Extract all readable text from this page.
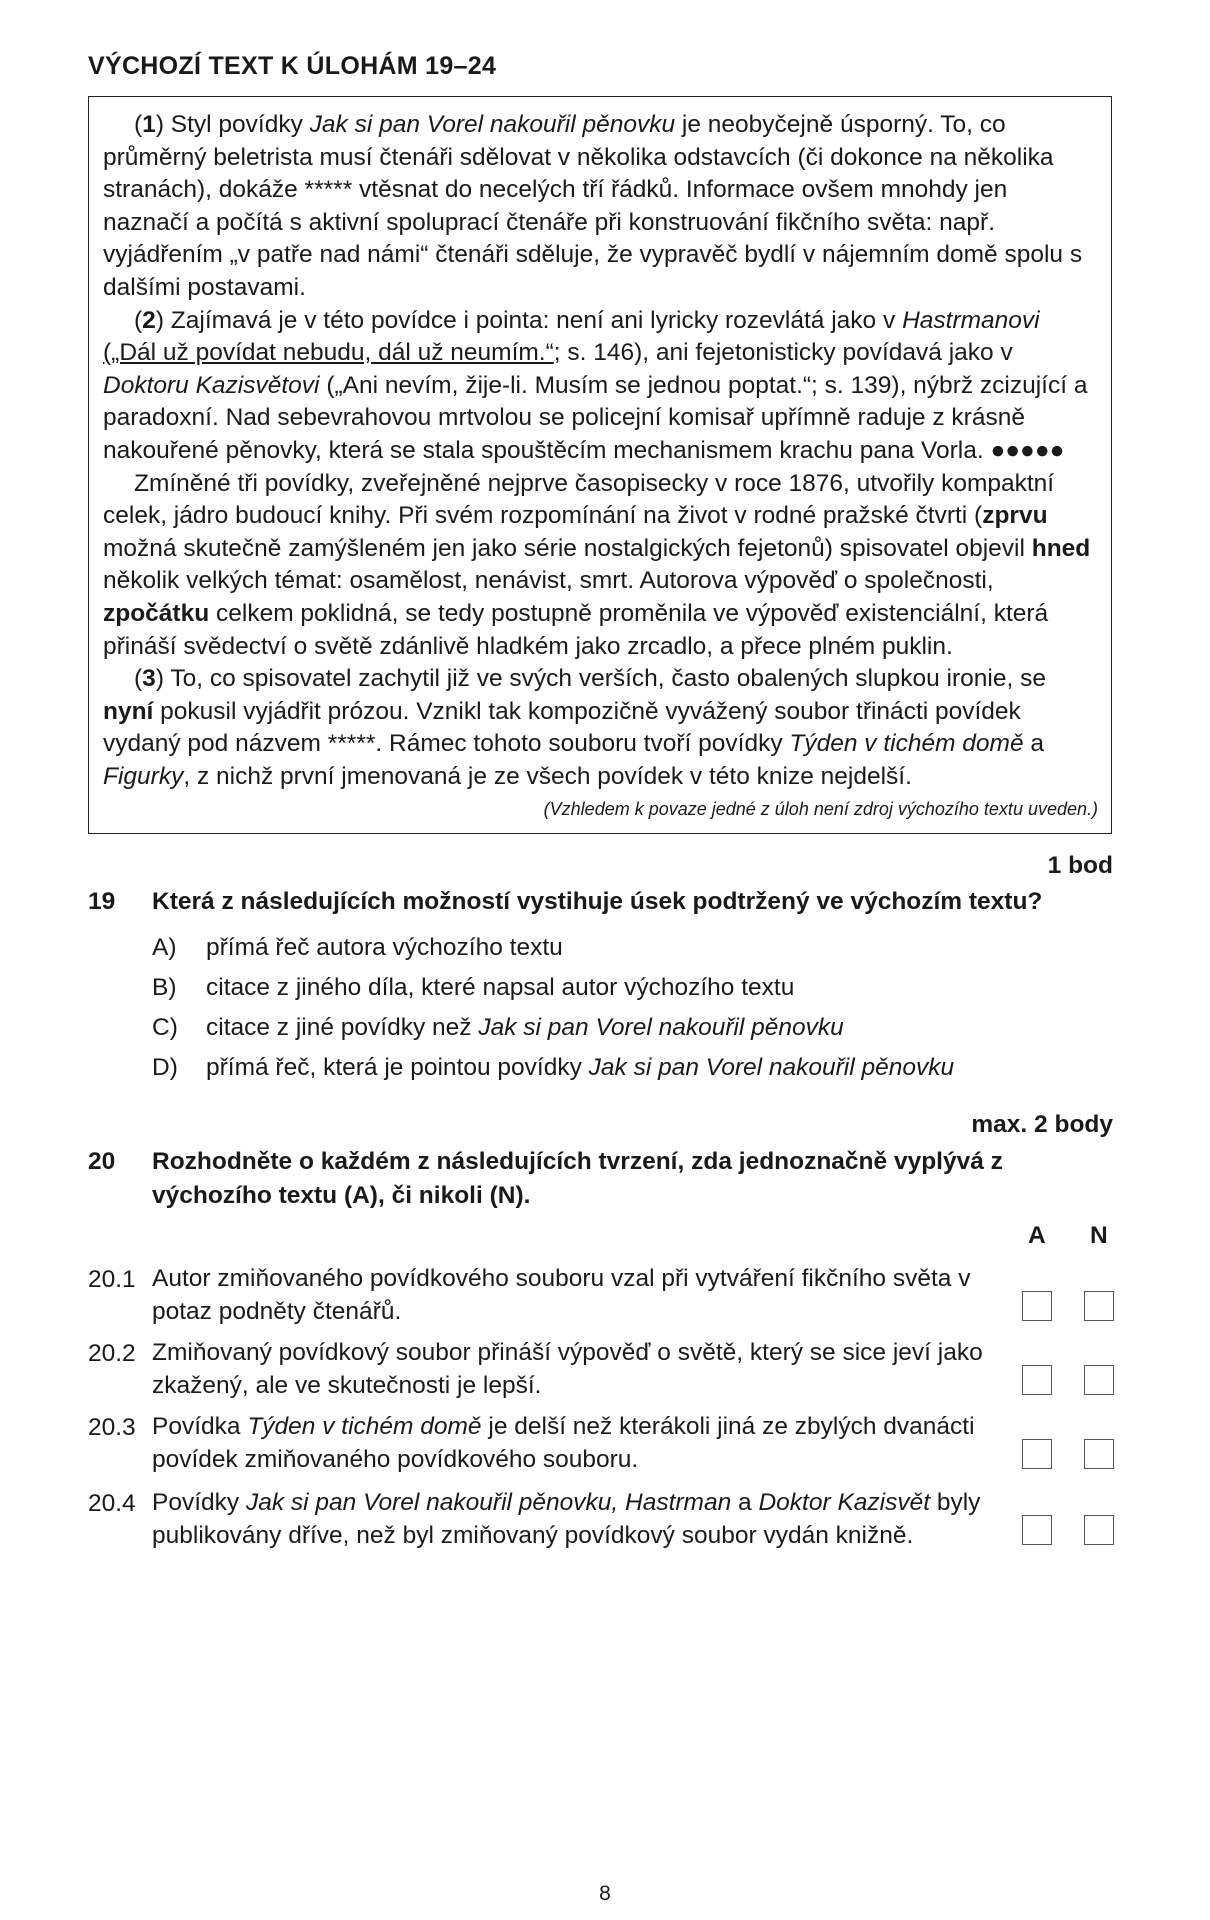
VÝCHOZÍ TEXT K ÚLOHÁM 19–24

(1) Styl povídky Jak si pan Vorel nakouřil pěnovku je neobyčejně úsporný. To, co průměrný beletrista musí čtenáři sdělovat v několika odstavcích (či dokonce na několika stranách), dokáže ***** vtěsnat do necelých tří řádků. Informace ovšem mnohdy jen naznačí a počítá s aktivní spoluprací čtenáře při konstruování fikčního světa: např. vyjádřením „v patře nad námi“ čtenáři sděluje, že vypravěč bydlí v nájemním domě spolu s dalšími postavami.

(2) Zajímavá je v této povídce i pointa: není ani lyricky rozevlátá jako v Hastrmanovi („Dál už povídat nebudu, dál už neumím.“; s. 146), ani fejetonisticky povídavá jako v Doktoru Kazisvětovi („Ani nevím, žije-li. Musím se jednou poptat.“; s. 139), nýbrž zcizující a paradoxní. Nad sebevrahovou mrtvolou se policejní komisař upřímně raduje z krásně nakouřené pěnovky, která se stala spouštěcím mechanismem krachu pana Vorla. ●●●●●

Zmíněné tři povídky, zveřejněné nejprve časopisecky v roce 1876, utvořily kompaktní celek, jádro budoucí knihy. Při svém rozpomínání na život v rodné pražské čtvrti (zprvu možná skutečně zamýšleném jen jako série nostalgických fejetonů) spisovatel objevil hned několik velkých témat: osamělost, nenávist, smrt. Autorova výpověď o společnosti, zpočátku celkem poklidná, se tedy postupně proměnila ve výpověď existenciální, která přináší svědectví o světě zdánlivě hladkém jako zrcadlo, a přece plném puklin.

(3) To, co spisovatel zachytil již ve svých verších, často obalených slupkou ironie, se nyní pokusil vyjádřit prózou. Vznikl tak kompozičně vyvážený soubor třinácti povídek vydaný pod názvem *****. Rámec tohoto souboru tvoří povídky Týden v tichém domě a Figurky, z nichž první jmenovaná je ze všech povídek v této knize nejdelší.

(Vzhledem k povaze jedné z úloh není zdroj výchozího textu uveden.)
1 bod
19 Která z následujících možností vystihuje úsek podtržený ve výchozím textu?
A) přímá řeč autora výchozího textu
B) citace z jiného díla, které napsal autor výchozího textu
C) citace z jiné povídky než Jak si pan Vorel nakouřil pěnovku
D) přímá řeč, která je pointou povídky Jak si pan Vorel nakouřil pěnovku
max. 2 body
20 Rozhodněte o každém z následujících tvrzení, zda jednoznačně vyplývá z výchozího textu (A), či nikoli (N).
A N
20.1 Autor zmiňovaného povídkového souboru vzal při vytváření fikčního světa v potaz podněty čtenářů.
20.2 Zmiňovaný povídkový soubor přináší výpověď o světě, který se sice jeví jako zkažený, ale ve skutečnosti je lepší.
20.3 Povídka Týden v tichém domě je delší než kterákoli jiná ze zbylých dvanácti povídek zmiňovaného povídkového souboru.
20.4 Povídky Jak si pan Vorel nakouřil pěnovku, Hastrman a Doktor Kazisvět byly publikovány dříve, než byl zmiňovaný povídkový soubor vydán knižně.
8
